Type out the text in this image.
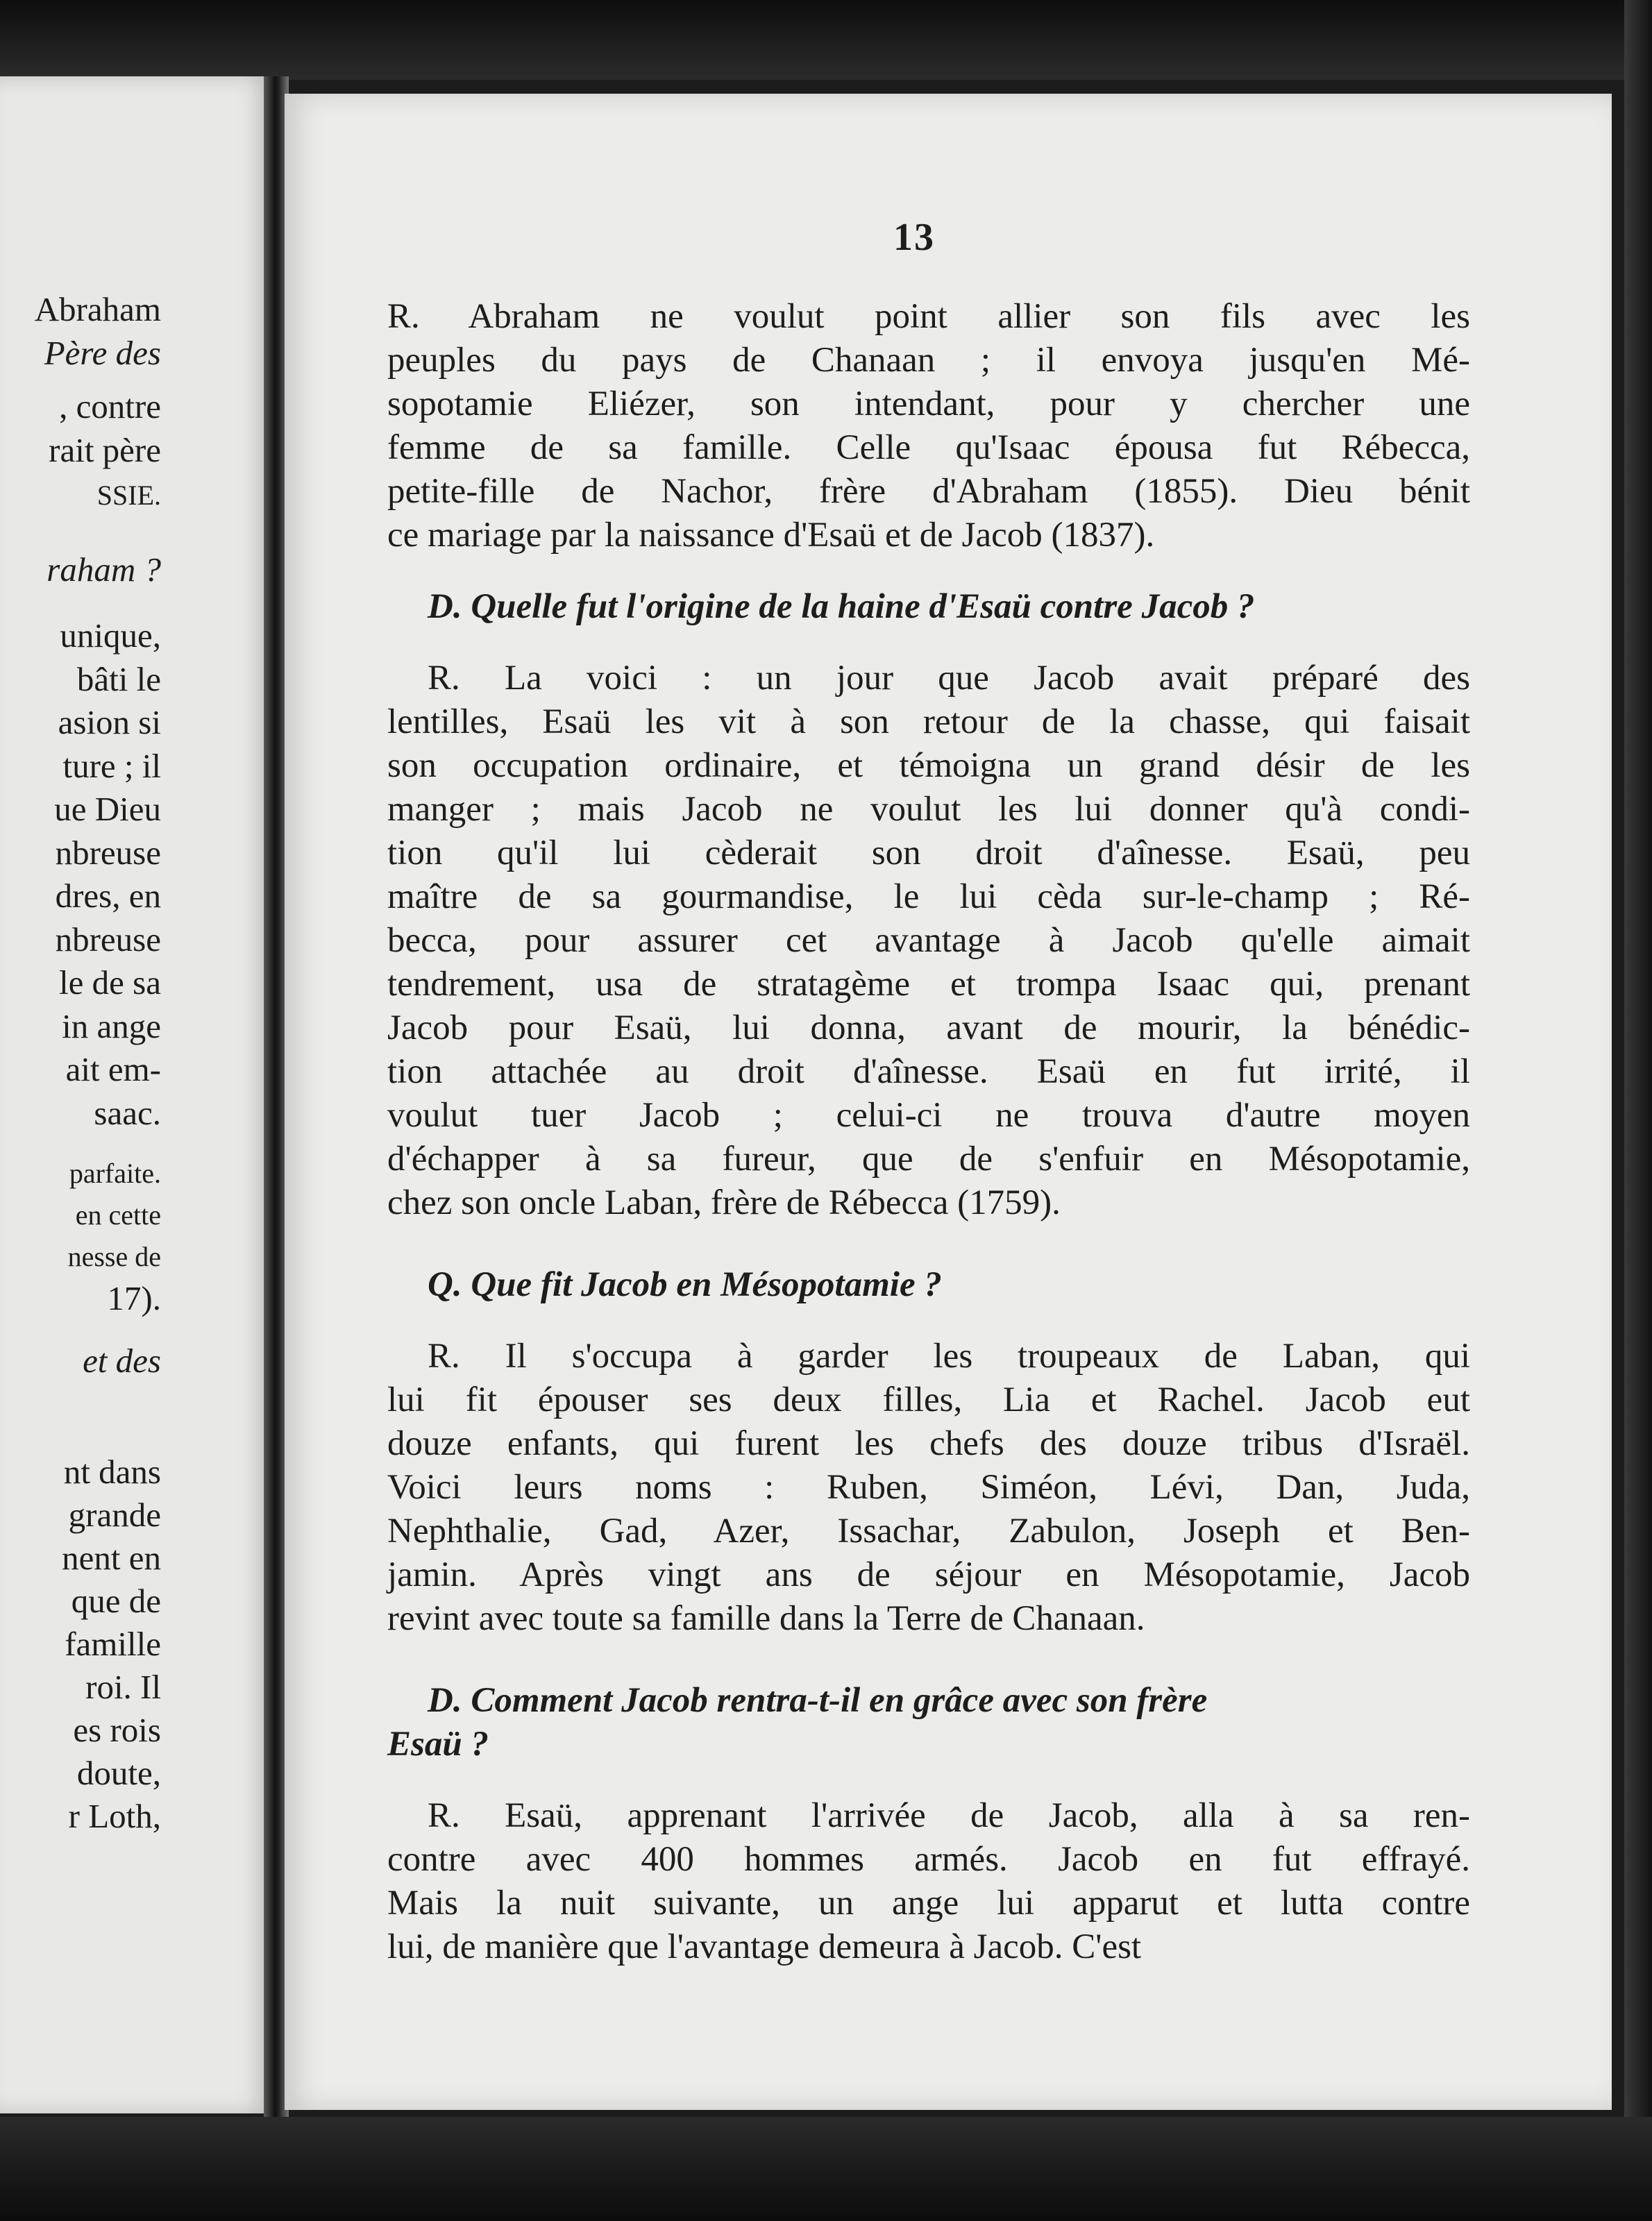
Abraham
Père des
, contre
rait père
SSIE.
raham ?
unique,
bâti le
asion si
ture ; il
ue Dieu
nbreuse
dres, en
nbreuse
le de sa
in ange
ait em-
saac.
parfaite.
en cette
nesse de
17).
et des
nt dans
grande
nent en
que de
famille
roi. Il
es rois
doute,
r Loth,
13
R. Abraham ne voulut point allier son fils avec les
peuples du pays de Chanaan ; il envoya jusqu'en Mé-
sopotamie Eliézer, son intendant, pour y chercher une
femme de sa famille. Celle qu'Isaac épousa fut Rébecca,
petite-fille de Nachor, frère d'Abraham (1855). Dieu bénit
ce mariage par la naissance d'Esaü et de Jacob (1837).
D. Quelle fut l'origine de la haine d'Esaü contre Jacob ?
R. La voici : un jour que Jacob avait préparé des
lentilles, Esaü les vit à son retour de la chasse, qui faisait
son occupation ordinaire, et témoigna un grand désir de les
manger ; mais Jacob ne voulut les lui donner qu'à condi-
tion qu'il lui cèderait son droit d'aînesse. Esaü, peu
maître de sa gourmandise, le lui cèda sur-le-champ ; Ré-
becca, pour assurer cet avantage à Jacob qu'elle aimait
tendrement, usa de stratagème et trompa Isaac qui, prenant
Jacob pour Esaü, lui donna, avant de mourir, la bénédic-
tion attachée au droit d'aînesse. Esaü en fut irrité, il
voulut tuer Jacob ; celui-ci ne trouva d'autre moyen
d'échapper à sa fureur, que de s'enfuir en Mésopotamie,
chez son oncle Laban, frère de Rébecca (1759).
Q. Que fit Jacob en Mésopotamie ?
R. Il s'occupa à garder les troupeaux de Laban, qui
lui fit épouser ses deux filles, Lia et Rachel. Jacob eut
douze enfants, qui furent les chefs des douze tribus d'Israël.
Voici leurs noms : Ruben, Siméon, Lévi, Dan, Juda,
Nephthalie, Gad, Azer, Issachar, Zabulon, Joseph et Ben-
jamin. Après vingt ans de séjour en Mésopotamie, Jacob
revint avec toute sa famille dans la Terre de Chanaan.
D. Comment Jacob rentra-t-il en grâce avec son frère
Esaü ?
R. Esaü, apprenant l'arrivée de Jacob, alla à sa ren-
contre avec 400 hommes armés. Jacob en fut effrayé.
Mais la nuit suivante, un ange lui apparut et lutta contre
lui, de manière que l'avantage demeura à Jacob. C'est
